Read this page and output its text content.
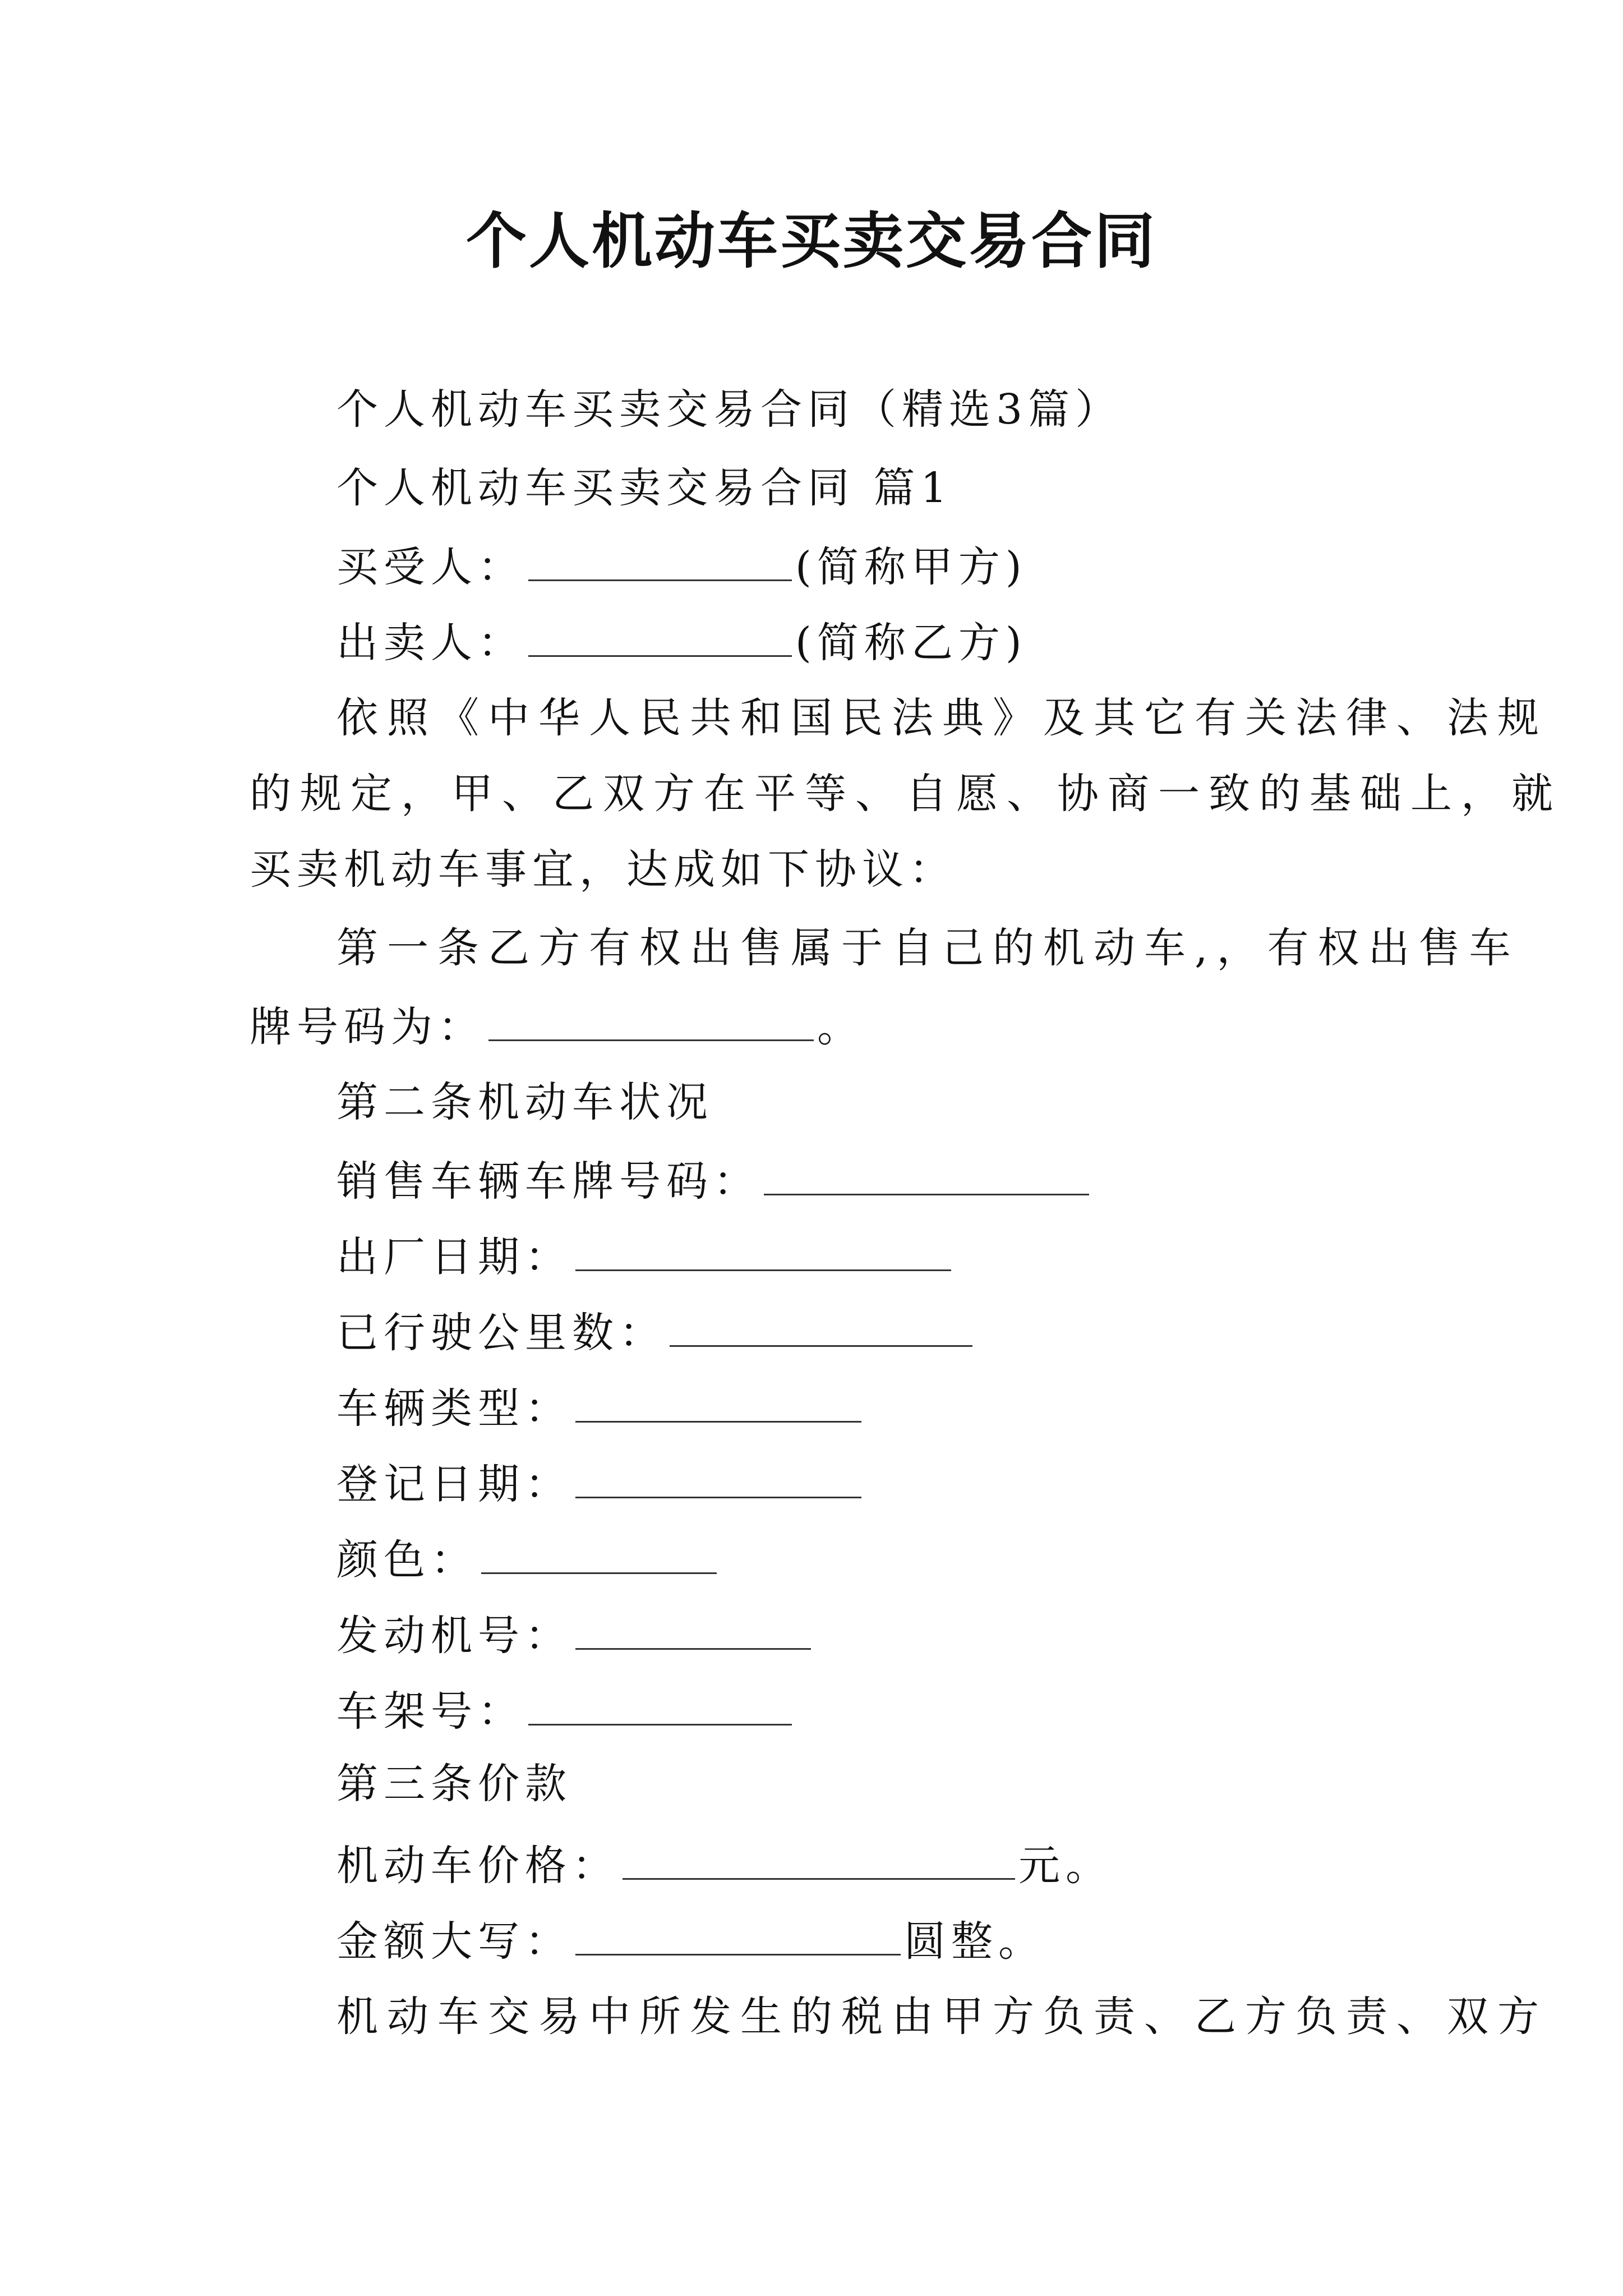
个人机动车买卖交易合同
个人机动车买卖交易合同（精选3篇）
个人机动车买卖交易合同 篇1
买受人：	(简称甲方)
出卖人：	(简称乙方)
依照《中华人民共和国民法典》及其它有关法律、法规
的规定，甲、乙双方在平等、自愿、协商一致的基础上，就
买卖机动车事宜，达成如下协议：
第一条乙方有权出售属于自己的机动车,，有权出售车
牌号码为：	。
第二条机动车状况
销售车辆车牌号码：
出厂日期：
已行驶公里数：
车辆类型：
登记日期：
颜色：
发动机号：
车架号：
第三条价款
机动车价格：	元。
金额大写：	圆整。
机动车交易中所发生的税由甲方负责、乙方负责、双方
